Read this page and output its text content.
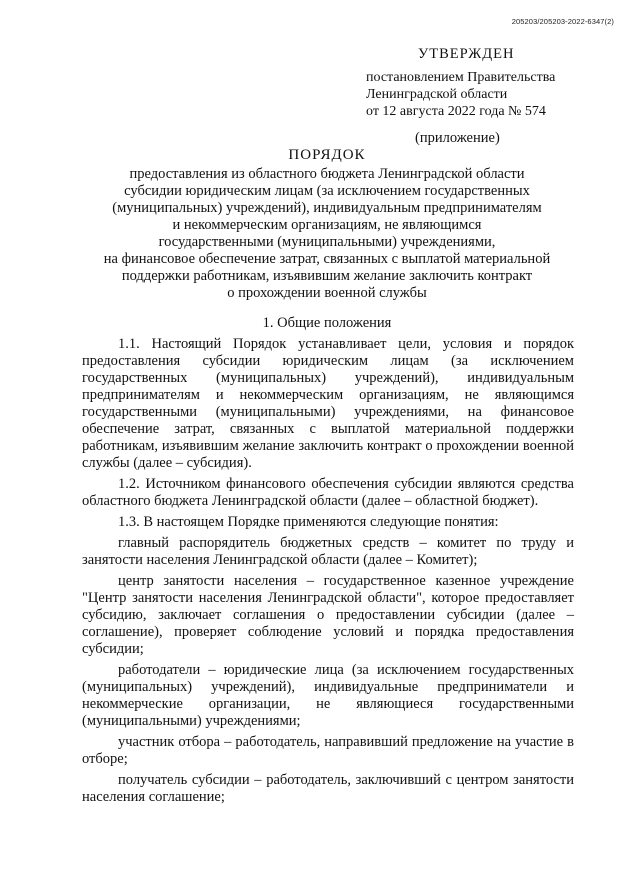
205203/205203-2022-6347(2)
УТВЕРЖДЕН
постановлением Правительства
Ленинградской области
от 12 августа 2022 года № 574
(приложение)
ПОРЯДОК
предоставления из областного бюджета Ленинградской области
субсидии юридическим лицам (за исключением государственных
(муниципальных) учреждений), индивидуальным предпринимателям
и некоммерческим организациям, не являющимся
государственными (муниципальными) учреждениями,
на финансовое обеспечение затрат, связанных с выплатой материальной
поддержки работникам, изъявившим желание заключить контракт
о прохождении военной службы
1. Общие положения

1.1. Настоящий Порядок устанавливает цели, условия и порядок предоставления субсидии юридическим лицам (за исключением государственных (муниципальных) учреждений), индивидуальным предпринимателям и некоммерческим организациям, не являющимся государственными (муниципальными) учреждениями, на финансовое обеспечение затрат, связанных с выплатой материальной поддержки работникам, изъявившим желание заключить контракт о прохождении военной службы (далее – субсидия).

1.2. Источником финансового обеспечения субсидии являются средства областного бюджета Ленинградской области (далее – областной бюджет).

1.3. В настоящем Порядке применяются следующие понятия:

главный распорядитель бюджетных средств – комитет по труду и занятости населения Ленинградской области (далее – Комитет);

центр занятости населения – государственное казенное учреждение "Центр занятости населения Ленинградской области", которое предоставляет субсидию, заключает соглашения о предоставлении субсидии (далее – соглашение), проверяет соблюдение условий и порядка предоставления субсидии;

работодатели – юридические лица (за исключением государственных (муниципальных) учреждений), индивидуальные предприниматели и некоммерческие организации, не являющиеся государственными (муниципальными) учреждениями;

участник отбора – работодатель, направивший предложение на участие в отборе;

получатель субсидии – работодатель, заключивший с центром занятости населения соглашение;
